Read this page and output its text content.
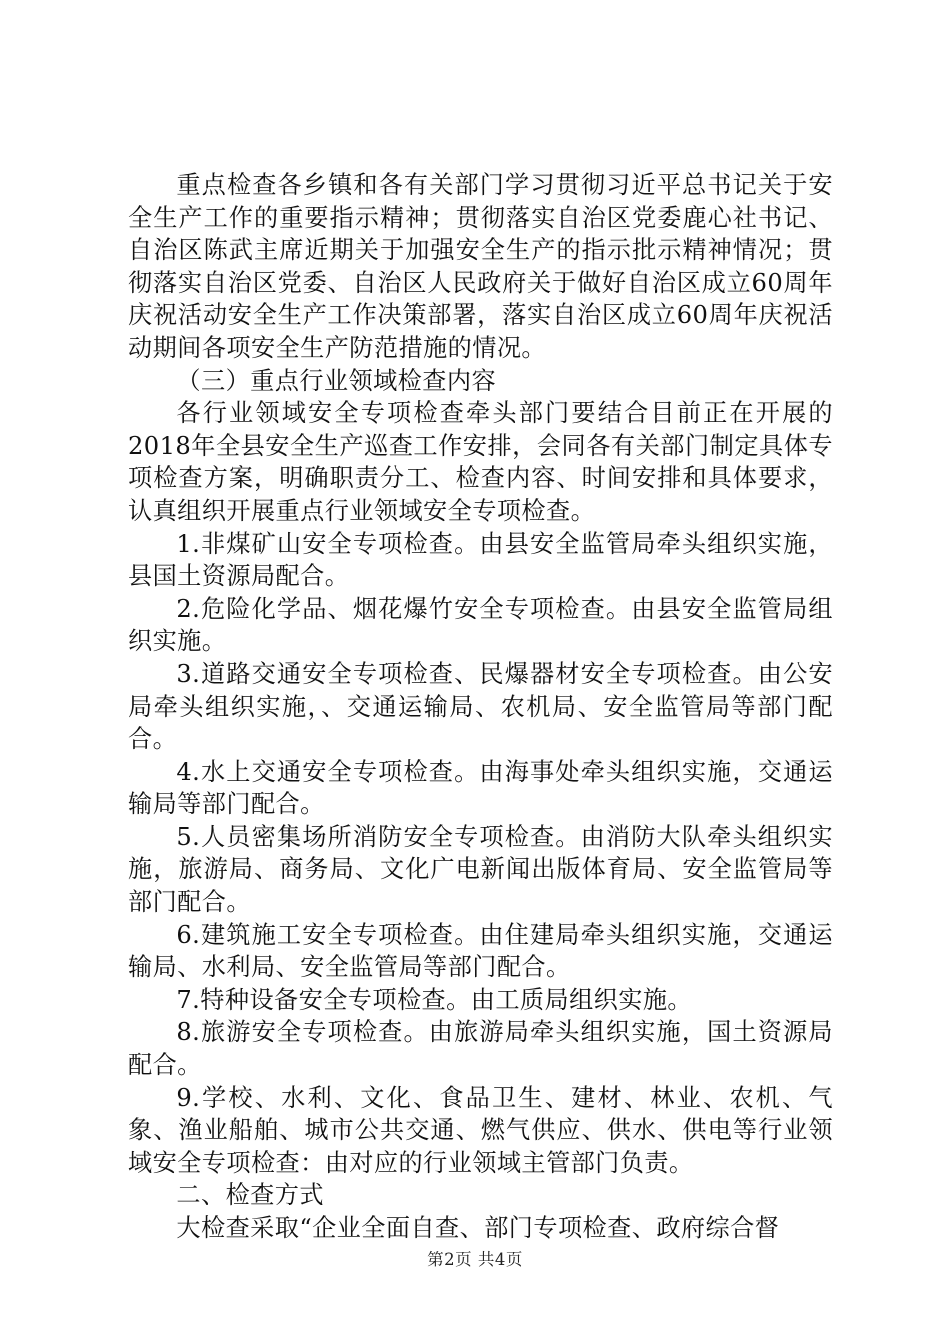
重点检查各乡镇和各有关部门学习贯彻习近平总书记关于安全生产工作的重要指示精神；贯彻落实自治区党委鹿心社书记、自治区陈武主席近期关于加强安全生产的指示批示精神情况；贯彻落实自治区党委、自治区人民政府关于做好自治区成立60周年庆祝活动安全生产工作决策部署，落实自治区成立60周年庆祝活动期间各项安全生产防范措施的情况。

（三）重点行业领域检查内容

各行业领域安全专项检查牵头部门要结合目前正在开展的2018年全县安全生产巡查工作安排，会同各有关部门制定具体专项检查方案，明确职责分工、检查内容、时间安排和具体要求，认真组织开展重点行业领域安全专项检查。

1.非煤矿山安全专项检查。由县安全监管局牵头组织实施，县国土资源局配合。

2.危险化学品、烟花爆竹安全专项检查。由县安全监管局组织实施。

3.道路交通安全专项检查、民爆器材安全专项检查。由公安局牵头组织实施，、交通运输局、农机局、安全监管局等部门配合。

4.水上交通安全专项检查。由海事处牵头组织实施，交通运输局等部门配合。

5.人员密集场所消防安全专项检查。由消防大队牵头组织实施，旅游局、商务局、文化广电新闻出版体育局、安全监管局等部门配合。

6.建筑施工安全专项检查。由住建局牵头组织实施，交通运输局、水利局、安全监管局等部门配合。

7.特种设备安全专项检查。由工质局组织实施。

8.旅游安全专项检查。由旅游局牵头组织实施，国土资源局配合。

9.学校、水利、文化、食品卫生、建材、林业、农机、气象、渔业船舶、城市公共交通、燃气供应、供水、供电等行业领域安全专项检查：由对应的行业领域主管部门负责。

二、检查方式

大检查采取“企业全面自查、部门专项检查、政府综合督

第2页 共4页
